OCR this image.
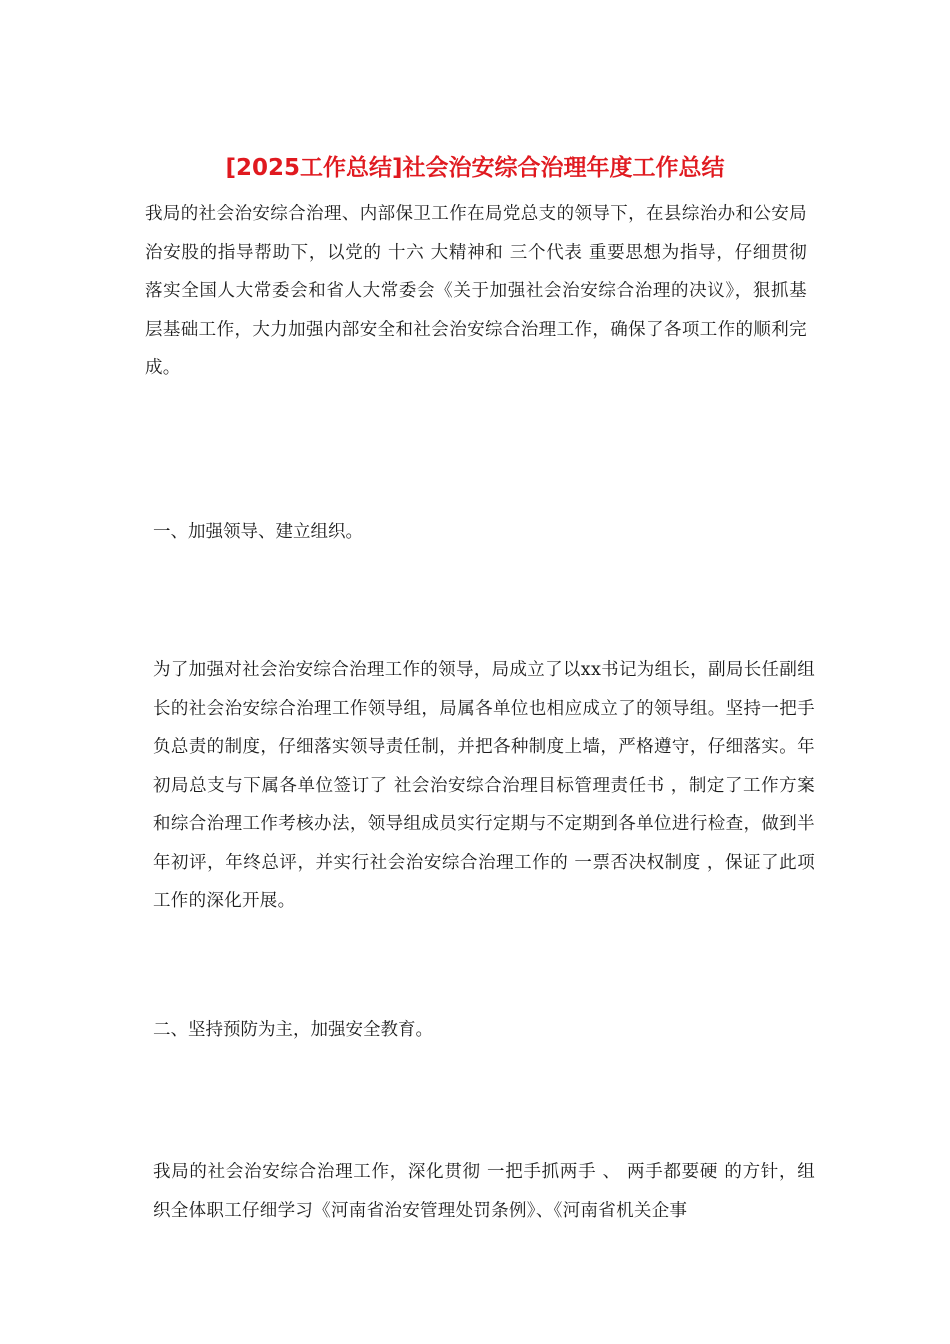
[2025工作总结]社会治安综合治理年度工作总结

我局的社会治安综合治理、内部保卫工作在局党总支的领导下，在县综治办和公安局治安股的指导帮助下，以党的 十六 大精神和 三个代表 重要思想为指导，仔细贯彻落实全国人大常委会和省人大常委会《关于加强社会治安综合治理的决议》，狠抓基层基础工作，大力加强内部安全和社会治安综合治理工作，确保了各项工作的顺利完成。

一、加强领导、建立组织。

为了加强对社会治安综合治理工作的领导，局成立了以xx书记为组长，副局长任副组长的社会治安综合治理工作领导组，局属各单位也相应成立了的领导组。坚持一把手负总责的制度，仔细落实领导责任制，并把各种制度上墙，严格遵守，仔细落实。年初局总支与下属各单位签订了 社会治安综合治理目标管理责任书 ，制定了工作方案和综合治理工作考核办法，领导组成员实行定期与不定期到各单位进行检查，做到半年初评，年终总评，并实行社会治安综合治理工作的 一票否决权制度 ，保证了此项工作的深化开展。

二、坚持预防为主，加强安全教育。

我局的社会治安综合治理工作，深化贯彻 一把手抓两手 、 两手都要硬 的方针，组织全体职工仔细学习《河南省治安管理处罚条例》、《河南省机关企事
